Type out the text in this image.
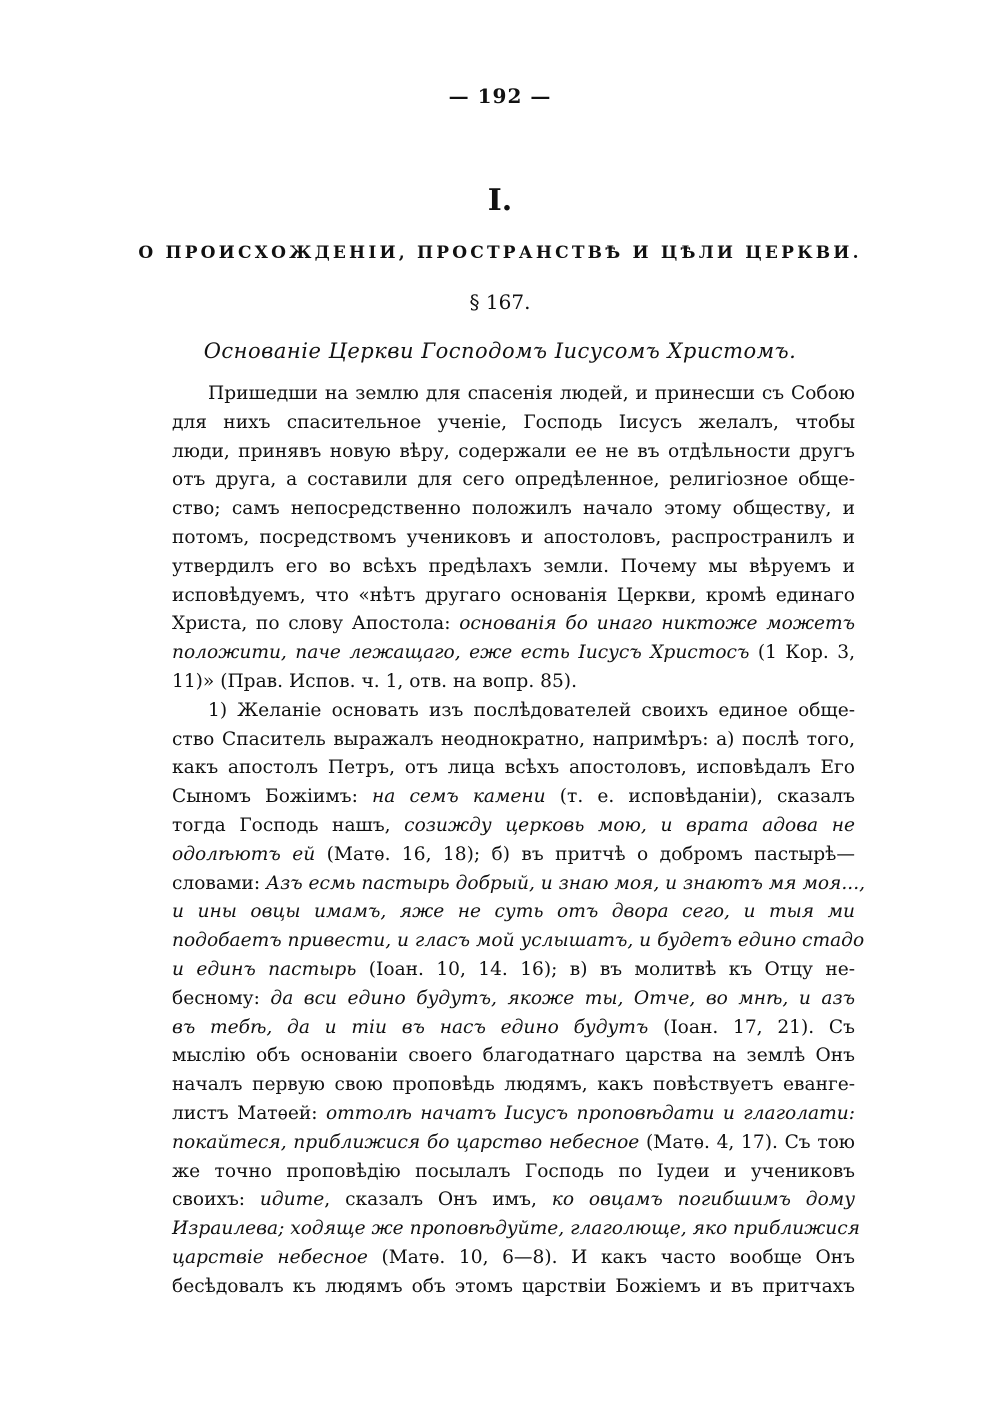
— 192 —
I.
О ПРОИСХОЖДЕНІИ, ПРОСТРАНСТВѢ И ЦѢЛИ ЦЕРКВИ.
§ 167.
Основаніе Церкви Господомъ Іисусомъ Христомъ.
Пришедши на землю для спасенія людей, и принесши съ Собою
для нихъ спасительное ученіе, Господь Іисусъ желалъ, чтобы
люди, принявъ новую вѣру, содержали ее не въ отдѣльности другъ
отъ друга, а составили для сего опредѣленное, религіозное обще-
ство; самъ непосредственно положилъ начало этому обществу, и
потомъ, посредствомъ учениковъ и апостоловъ, распространилъ и
утвердилъ его во всѣхъ предѣлахъ земли. Почему мы вѣруемъ и
исповѣдуемъ, что «нѣтъ другаго основанія Церкви, кромѣ единаго
Христа, по слову Апостола: основанія бо инаго никтоже можетъ
положити, паче лежащаго, еже есть Іисусъ Христосъ (1 Кор. 3,
11)» (Прав. Испов. ч. 1, отв. на вопр. 85).
1) Желаніе основать изъ послѣдователей своихъ единое обще-
ство Спаситель выражалъ неоднократно, напримѣръ: а) послѣ того,
какъ апостолъ Петръ, отъ лица всѣхъ апостоловъ, исповѣдалъ Его
Сыномъ Божіимъ: на семъ камени (т. е. исповѣданіи), сказалъ
тогда Господь нашъ, созижду церковь мою, и врата адова не
одолѣютъ ей (Матѳ. 16, 18); б) въ притчѣ о добромъ пастырѣ—
словами: Азъ есмь пастырь добрый, и знаю моя, и знаютъ мя моя...,
и ины овцы имамъ, яже не суть отъ двора сего, и тыя ми
подобаетъ привести, и гласъ мой услышатъ, и будетъ едино стадо
и единъ пастырь (Іоан. 10, 14. 16); в) въ молитвѣ къ Отцу не-
бесному: да вси едино будутъ, якоже ты, Отче, во мнѣ, и азъ
въ тебѣ, да и тіи въ насъ едино будутъ (Іоан. 17, 21). Съ
мыслію объ основаніи своего благодатнаго царства на землѣ Онъ
началъ первую свою проповѣдь людямъ, какъ повѣствуетъ еванге-
листъ Матѳей: оттолѣ начатъ Іисусъ проповѣдати и глаголати:
покайтеся, приближися бо царство небесное (Матѳ. 4, 17). Съ тою
же точно проповѣдію посылалъ Господь по Іудеи и учениковъ
своихъ: идите, сказалъ Онъ имъ, ко овцамъ погибшимъ дому
Израилева; ходяще же проповѣдуйте, глаголюще, яко приближися
царствіе небесное (Матѳ. 10, 6—8). И какъ часто вообще Онъ
бесѣдовалъ къ людямъ объ этомъ царствіи Божіемъ и въ притчахъ
